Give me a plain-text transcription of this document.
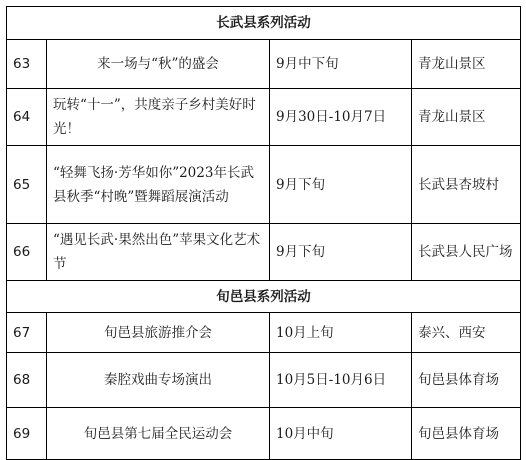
长武县系列活动			
63	来一场与“秋”的盛会	9月中下旬	青龙山景区
64	玩转“十一”，共度亲子乡村美好时光！	9月30日-10月7日	青龙山景区
65	“轻舞飞扬·芳华如你”2023年长武县秋季“村晚”暨舞蹈展演活动	9月下旬	长武县杏坡村
66	“遇见长武·果然出色”苹果文化艺术节	9月下旬	长武县人民广场
旬邑县系列活动			
67	旬邑县旅游推介会	10月上旬	泰兴、西安
68	秦腔戏曲专场演出	10月5日-10月6日	旬邑县体育场
69	旬邑县第七届全民运动会	10月中旬	旬邑县体育场
